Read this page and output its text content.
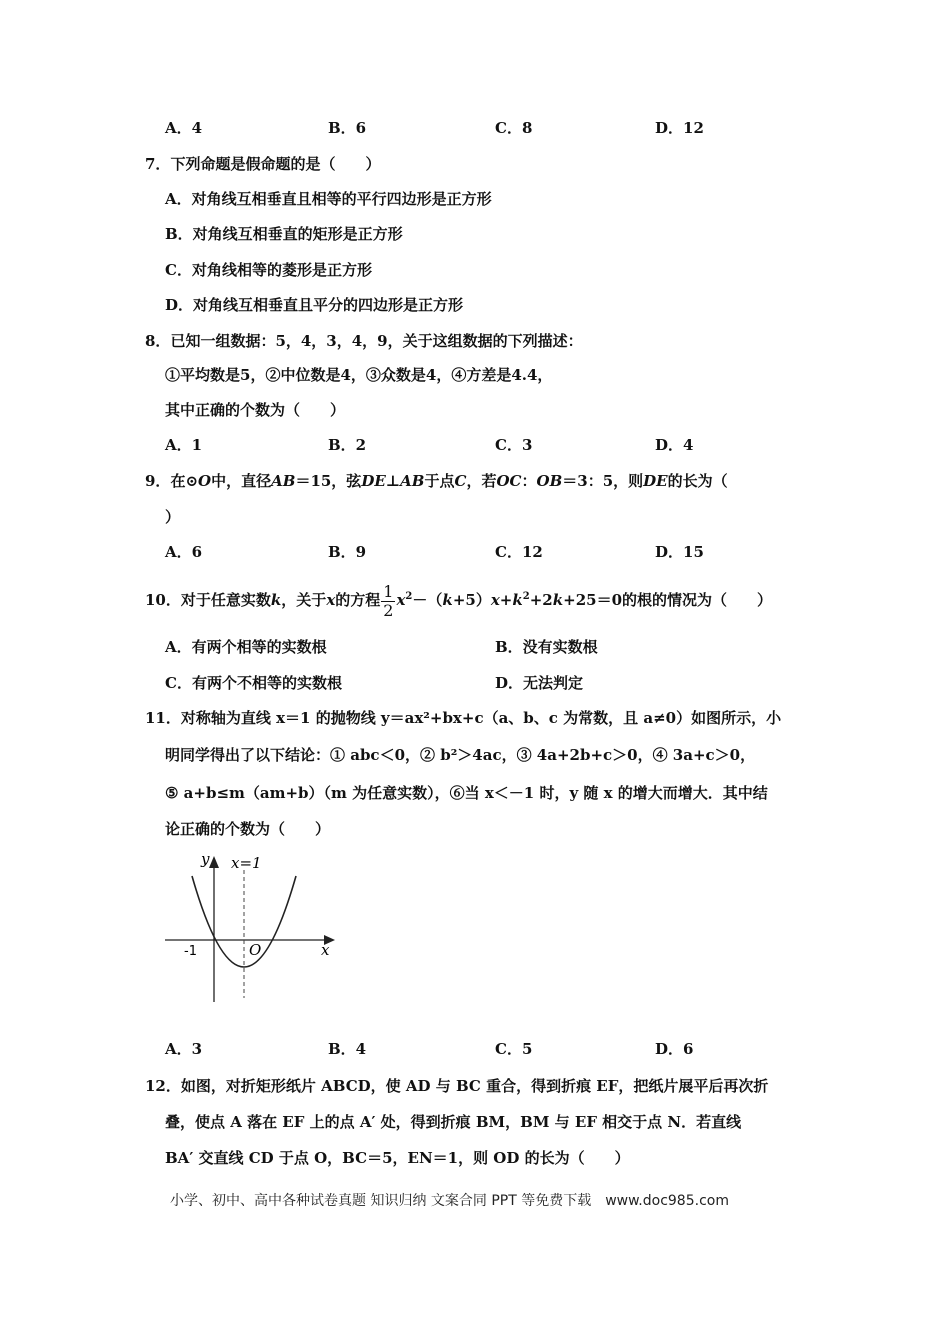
A．4	B．6	C．8	D．12
7．下列命题是假命题的是（　　）
A．对角线互相垂直且相等的平行四边形是正方形
B．对角线互相垂直的矩形是正方形
C．对角线相等的菱形是正方形
D．对角线互相垂直且平分的四边形是正方形
8．已知一组数据：5，4，3，4，9，关于这组数据的下列描述：
①平均数是5，②中位数是4，③众数是4，④方差是4.4，
其中正确的个数为（　　）
A．1	B．2	C．3	D．4
9．在⊙O中，直径AB＝15，弦DE⊥AB于点C，若OC：OB＝3：5，则DE的长为（
）
A．6	B．9	C．12	D．15
10．对于任意实数k，关于x的方程 $\frac{1}{2} x^2-(k+5)x+k^2+2k+25=0$的根的情况为（　　）
A．有两个相等的实数根	B．没有实数根
C．有两个不相等的实数根	D．无法判定
11．对称轴为直线 x＝1 的抛物线 y＝ax²+bx+c（a、b、c 为常数，且 a≠0）如图所示，小
明同学得出了以下结论：① abc＜0，② b²＞4ac，③ 4a+2b+c＞0，④ 3a+c＞0，
⑤ a+b≤m（am+b）（m 为任意实数），⑥当 x＜－1 时，y 随 x 的增大而增大．其中结
论正确的个数为（　　）
y x=1
x
O
-1
A．3	B．4	C．5	D．6
12．如图，对折矩形纸片 ABCD，使 AD 与 BC 重合，得到折痕 EF，把纸片展平后再次折
叠，使点 A 落在 EF 上的点 A′ 处，得到折痕 BM，BM 与 EF 相交于点 N．若直线
BA′ 交直线 CD 于点 O，BC＝5，EN＝1，则 OD 的长为（　　）
小学、初中、高中各种试卷真题 知识归纳 文案合同 PPT 等免费下载　www.doc985.com
